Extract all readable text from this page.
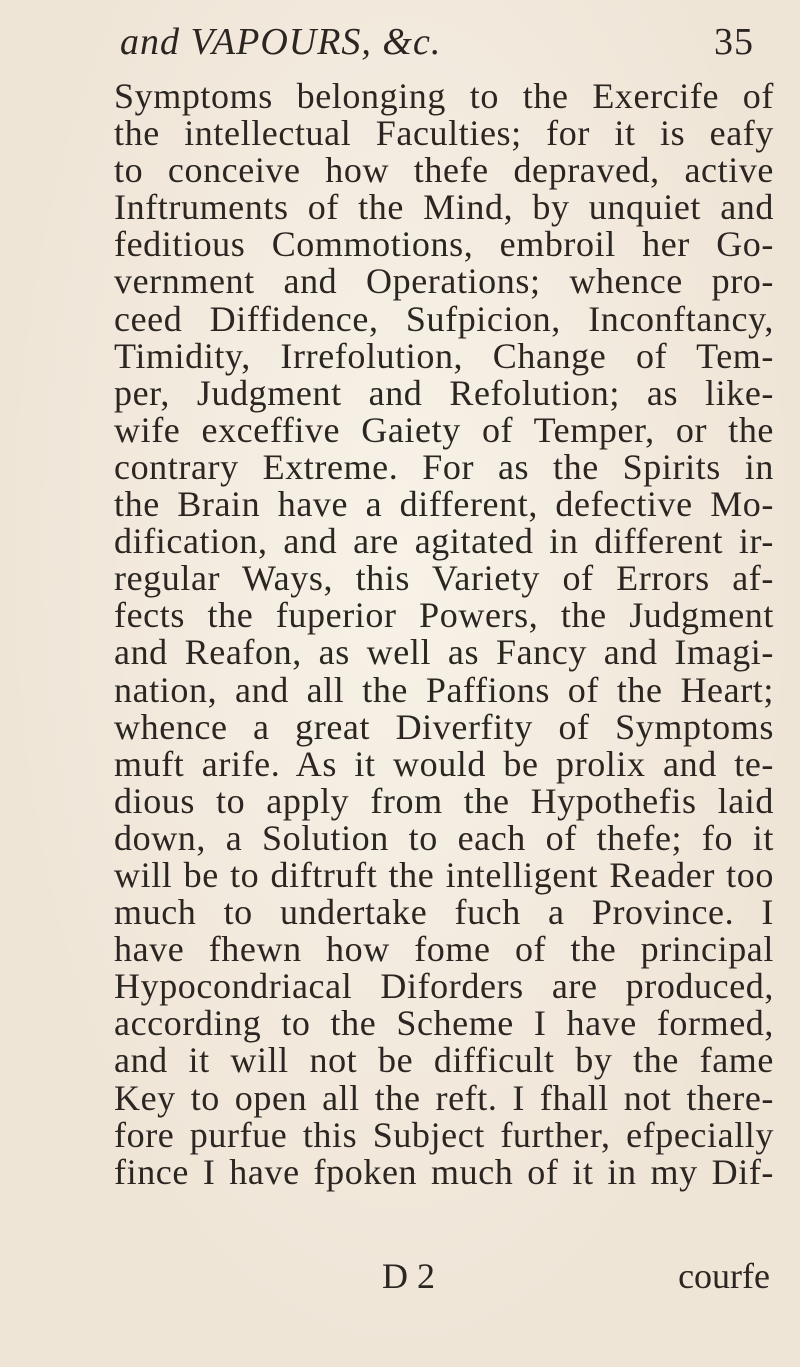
and VAPOURS, &c.	35
Symptoms belonging to the Exercife of
the intellectual Faculties; for it is eafy
to conceive how thefe depraved, active
Inftruments of the Mind, by unquiet and
feditious Commotions, embroil her Go-
vernment and Operations; whence pro-
ceed Diffidence, Sufpicion, Inconftancy,
Timidity, Irrefolution, Change of Tem-
per, Judgment and Refolution; as like-
wife exceffive Gaiety of Temper, or the
contrary Extreme. For as the Spirits in
the Brain have a different, defective Mo-
dification, and are agitated in different ir-
regular Ways, this Variety of Errors af-
fects the fuperior Powers, the Judgment
and Reafon, as well as Fancy and Imagi-
nation, and all the Paffions of the Heart;
whence a great Diverfity of Symptoms
muft arife. As it would be prolix and te-
dious to apply from the Hypothefis laid
down, a Solution to each of thefe; fo it
will be to diftruft the intelligent Reader too
much to undertake fuch a Province. I
have fhewn how fome of the principal
Hypocondriacal Diforders are produced,
according to the Scheme I have formed,
and it will not be difficult by the fame
Key to open all the reft. I fhall not there-
fore purfue this Subject further, efpecially
fince I have fpoken much of it in my Dif-
D 2	courfe
